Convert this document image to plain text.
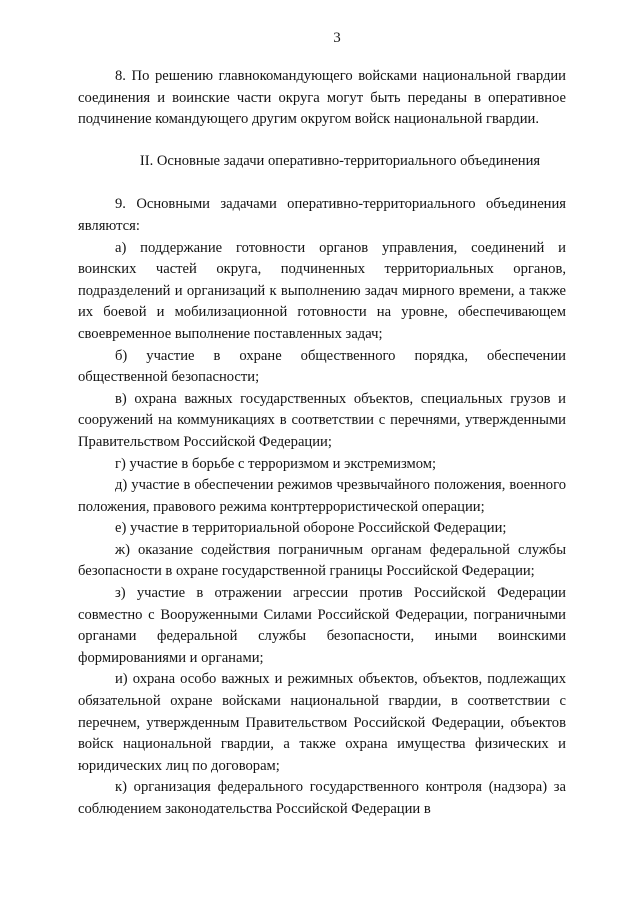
3

8. По решению главнокомандующего войсками национальной гвардии соединения и воинские части округа могут быть переданы в оперативное подчинение командующего другим округом войск национальной гвардии.

II. Основные задачи оперативно-территориального объединения

9. Основными задачами оперативно-территориального объединения являются:

а) поддержание готовности органов управления, соединений и воинских частей округа, подчиненных территориальных органов, подразделений и организаций к выполнению задач мирного времени, а также их боевой и мобилизационной готовности на уровне, обеспечивающем своевременное выполнение поставленных задач;

б) участие в охране общественного порядка, обеспечении общественной безопасности;

в) охрана важных государственных объектов, специальных грузов и сооружений на коммуникациях в соответствии с перечнями, утвержденными Правительством Российской Федерации;

г) участие в борьбе с терроризмом и экстремизмом;

д) участие в обеспечении режимов чрезвычайного положения, военного положения, правового режима контртеррористической операции;

е) участие в территориальной обороне Российской Федерации;

ж) оказание содействия пограничным органам федеральной службы безопасности в охране государственной границы Российской Федерации;

з) участие в отражении агрессии против Российской Федерации совместно с Вооруженными Силами Российской Федерации, пограничными органами федеральной службы безопасности, иными воинскими формированиями и органами;

и) охрана особо важных и режимных объектов, объектов, подлежащих обязательной охране войсками национальной гвардии, в соответствии с перечнем, утвержденным Правительством Российской Федерации, объектов войск национальной гвардии, а также охрана имущества физических и юридических лиц по договорам;

к) организация федерального государственного контроля (надзора) за соблюдением законодательства Российской Федерации в
